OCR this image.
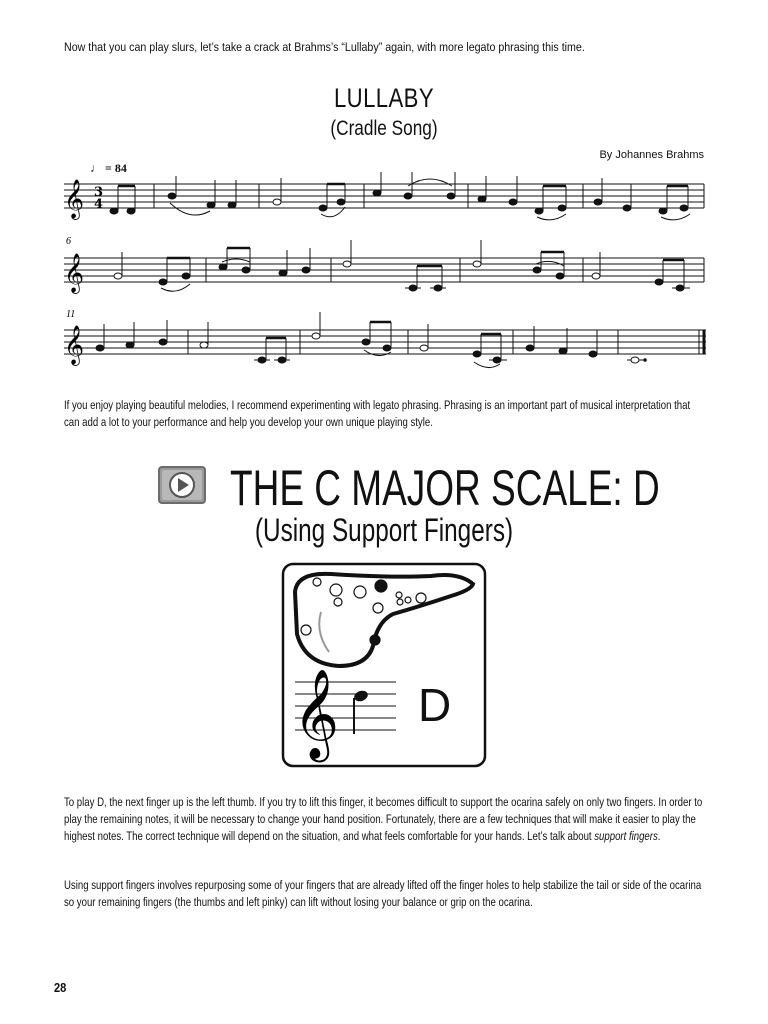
Now that you can play slurs, let’s take a crack at Brahms’s “Lullaby” again, with more legato phrasing this time.
LULLABY
(Cradle Song)
By Johannes Brahms
♩ = 84
𝄞 3
4
6
𝄞
11
𝄞
If you enjoy playing beautiful melodies, I recommend experimenting with legato phrasing. Phrasing is an important part of musical interpretation that can add a lot to your performance and help you develop your own unique playing style.
THE C MAJOR SCALE: D
(Using Support Fingers)
𝄞 D
To play D, the next finger up is the left thumb. If you try to lift this finger, it becomes difficult to support the ocarina safely on only two fingers. In order to play the remaining notes, it will be necessary to change your hand position. Fortunately, there are a few techniques that will make it easier to play the highest notes. The correct technique will depend on the situation, and what feels comfortable for your hands. Let’s talk about support fingers.
Using support fingers involves repurposing some of your fingers that are already lifted off the finger holes to help stabilize the tail or side of the ocarina so your remaining fingers (the thumbs and left pinky) can lift without losing your balance or grip on the ocarina.
28
